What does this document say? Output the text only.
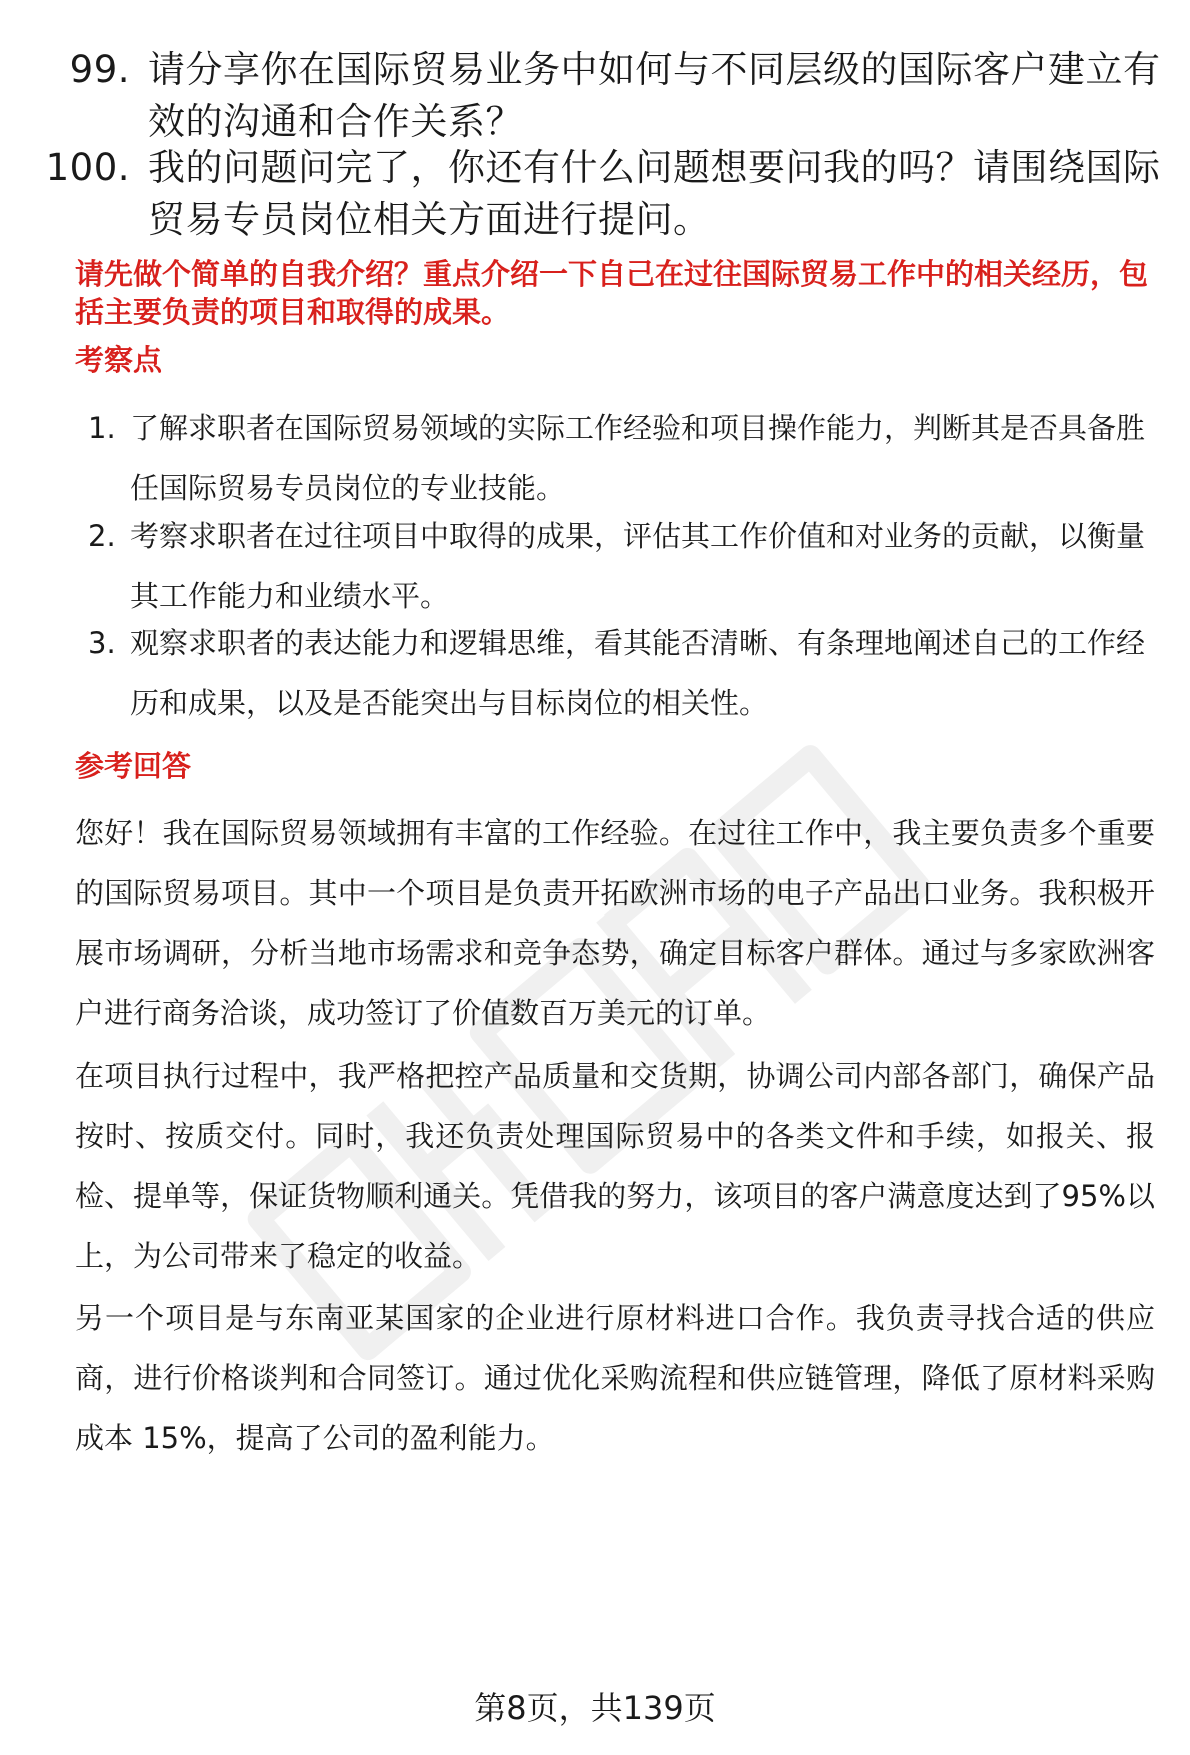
99. 请分享你在国际贸易业务中如何与不同层级的国际客户建立有效的沟通和合作关系？
100. 我的问题问完了，你还有什么问题想要问我的吗？请围绕国际贸易专员岗位相关方面进行提问。
请先做个简单的自我介绍？重点介绍一下自己在过往国际贸易工作中的相关经历，包括主要负责的项目和取得的成果。
考察点
1. 了解求职者在国际贸易领域的实际工作经验和项目操作能力，判断其是否具备胜任国际贸易专员岗位的专业技能。
2. 考察求职者在过往项目中取得的成果，评估其工作价值和对业务的贡献，以衡量其工作能力和业绩水平。
3. 观察求职者的表达能力和逻辑思维，看其能否清晰、有条理地阐述自己的工作经历和成果，以及是否能突出与目标岗位的相关性。
参考回答
您好！我在国际贸易领域拥有丰富的工作经验。在过往工作中，我主要负责多个重要的国际贸易项目。其中一个项目是负责开拓欧洲市场的电子产品出口业务。我积极开展市场调研，分析当地市场需求和竞争态势，确定目标客户群体。通过与多家欧洲客户进行商务洽谈，成功签订了价值数百万美元的订单。
在项目执行过程中，我严格把控产品质量和交货期，协调公司内部各部门，确保产品按时、按质交付。同时，我还负责处理国际贸易中的各类文件和手续，如报关、报检、提单等，保证货物顺利通关。凭借我的努力，该项目的客户满意度达到了95%以上，为公司带来了稳定的收益。
另一个项目是与东南亚某国家的企业进行原材料进口合作。我负责寻找合适的供应商，进行价格谈判和合同签订。通过优化采购流程和供应链管理，降低了原材料采购成本 15%，提高了公司的盈利能力。
第8页，共139页
